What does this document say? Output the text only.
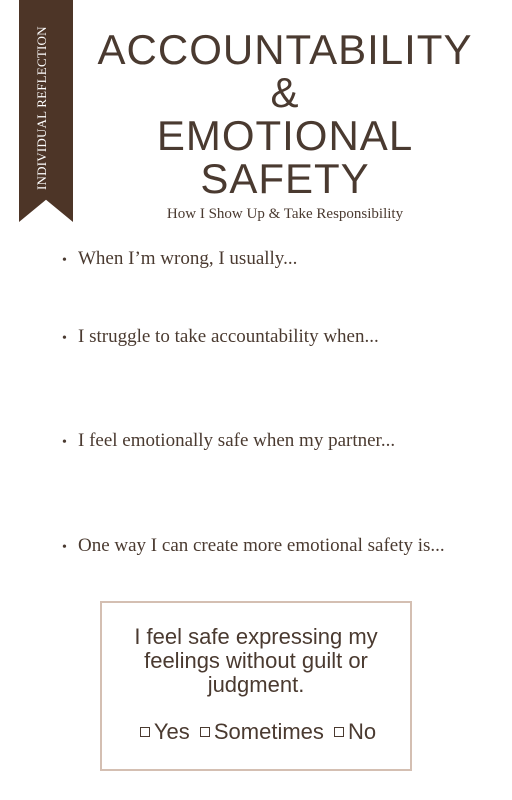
INDIVIDUAL REFLECTION	ACCOUNTABILITY
&
EMOTIONAL
SAFETY
How I Show Up & Take Responsibility
• When I’m wrong, I usually...
• I struggle to take accountability when...
• I feel emotionally safe when my partner...
• One way I can create more emotional safety is...
I feel safe expressing my feelings without guilt or judgment.
Yes Sometimes No
